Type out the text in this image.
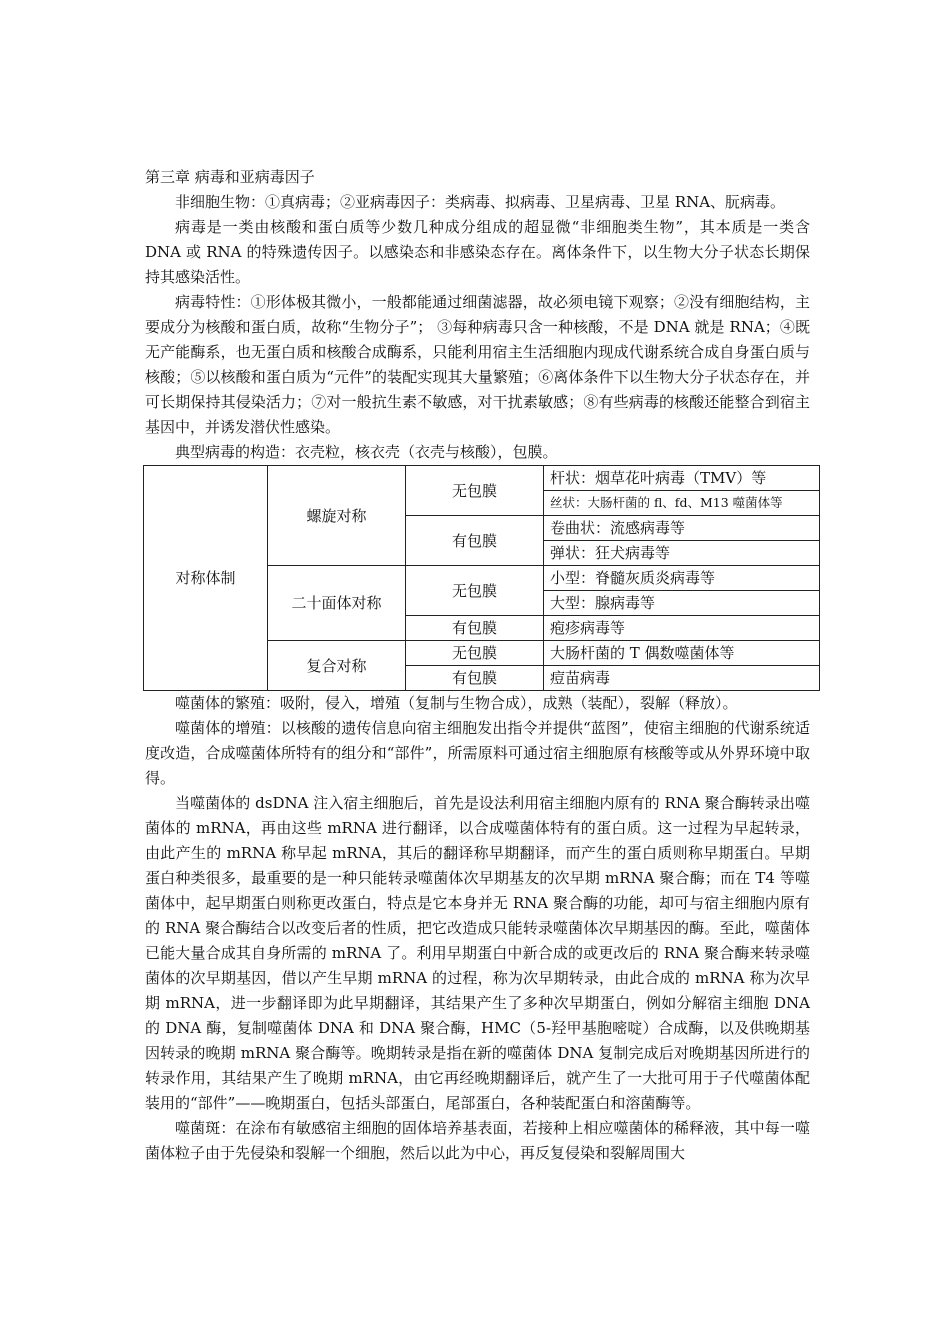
第三章 病毒和亚病毒因子

非细胞生物：①真病毒；②亚病毒因子：类病毒、拟病毒、卫星病毒、卫星 RNA、朊病毒。

病毒是一类由核酸和蛋白质等少数几种成分组成的超显微“非细胞类生物”，其本质是一类含 DNA 或 RNA 的特殊遗传因子。以感染态和非感染态存在。离体条件下，以生物大分子状态长期保持其感染活性。

病毒特性：①形体极其微小，一般都能通过细菌滤器，故必须电镜下观察；②没有细胞结构，主要成分为核酸和蛋白质，故称“生物分子”； ③每种病毒只含一种核酸，不是 DNA 就是 RNA；④既无产能酶系，也无蛋白质和核酸合成酶系，只能利用宿主生活细胞内现成代谢系统合成自身蛋白质与核酸；⑤以核酸和蛋白质为“元件”的装配实现其大量繁殖；⑥离体条件下以生物大分子状态存在，并可长期保持其侵染活力；⑦对一般抗生素不敏感，对干扰素敏感；⑧有些病毒的核酸还能整合到宿主基因中，并诱发潜伏性感染。

典型病毒的构造：衣壳粒，核衣壳（衣壳与核酸），包膜。

对称体制	螺旋对称	无包膜	杆状：烟草花叶病毒（TMV）等
			丝状：大肠杆菌的 fl、fd、M13 噬菌体等
		有包膜	卷曲状：流感病毒等
			弹状：狂犬病毒等
	二十面体对称	无包膜	小型：脊髓灰质炎病毒等
			大型：腺病毒等
		有包膜	疱疹病毒等
	复合对称	无包膜	大肠杆菌的 T 偶数噬菌体等
		有包膜	痘苗病毒

噬菌体的繁殖：吸附，侵入，增殖（复制与生物合成），成熟（装配），裂解（释放）。

噬菌体的增殖：以核酸的遗传信息向宿主细胞发出指令并提供“蓝图”，使宿主细胞的代谢系统适度改造，合成噬菌体所特有的组分和“部件”，所需原料可通过宿主细胞原有核酸等或从外界环境中取得。

当噬菌体的 dsDNA 注入宿主细胞后，首先是设法利用宿主细胞内原有的 RNA 聚合酶转录出噬菌体的 mRNA，再由这些 mRNA 进行翻译，以合成噬菌体特有的蛋白质。这一过程为早起转录，由此产生的 mRNA 称早起 mRNA，其后的翻译称早期翻译，而产生的蛋白质则称早期蛋白。早期蛋白种类很多，最重要的是一种只能转录噬菌体次早期基友的次早期 mRNA 聚合酶；而在 T4 等噬菌体中，起早期蛋白则称更改蛋白，特点是它本身并无 RNA 聚合酶的功能，却可与宿主细胞内原有的 RNA 聚合酶结合以改变后者的性质，把它改造成只能转录噬菌体次早期基因的酶。至此，噬菌体已能大量合成其自身所需的 mRNA 了。利用早期蛋白中新合成的或更改后的 RNA 聚合酶来转录噬菌体的次早期基因，借以产生早期 mRNA 的过程，称为次早期转录，由此合成的 mRNA 称为次早期 mRNA，进一步翻译即为此早期翻译，其结果产生了多种次早期蛋白，例如分解宿主细胞 DNA 的 DNA 酶，复制噬菌体 DNA 和 DNA 聚合酶，HMC（5-羟甲基胞嘧啶）合成酶，以及供晚期基因转录的晚期 mRNA 聚合酶等。晚期转录是指在新的噬菌体 DNA 复制完成后对晚期基因所进行的转录作用，其结果产生了晚期 mRNA，由它再经晚期翻译后，就产生了一大批可用于子代噬菌体配装用的“部件”——晚期蛋白，包括头部蛋白，尾部蛋白，各种装配蛋白和溶菌酶等。

噬菌斑：在涂布有敏感宿主细胞的固体培养基表面，若接种上相应噬菌体的稀释液，其中每一噬菌体粒子由于先侵染和裂解一个细胞，然后以此为中心，再反复侵染和裂解周围大
